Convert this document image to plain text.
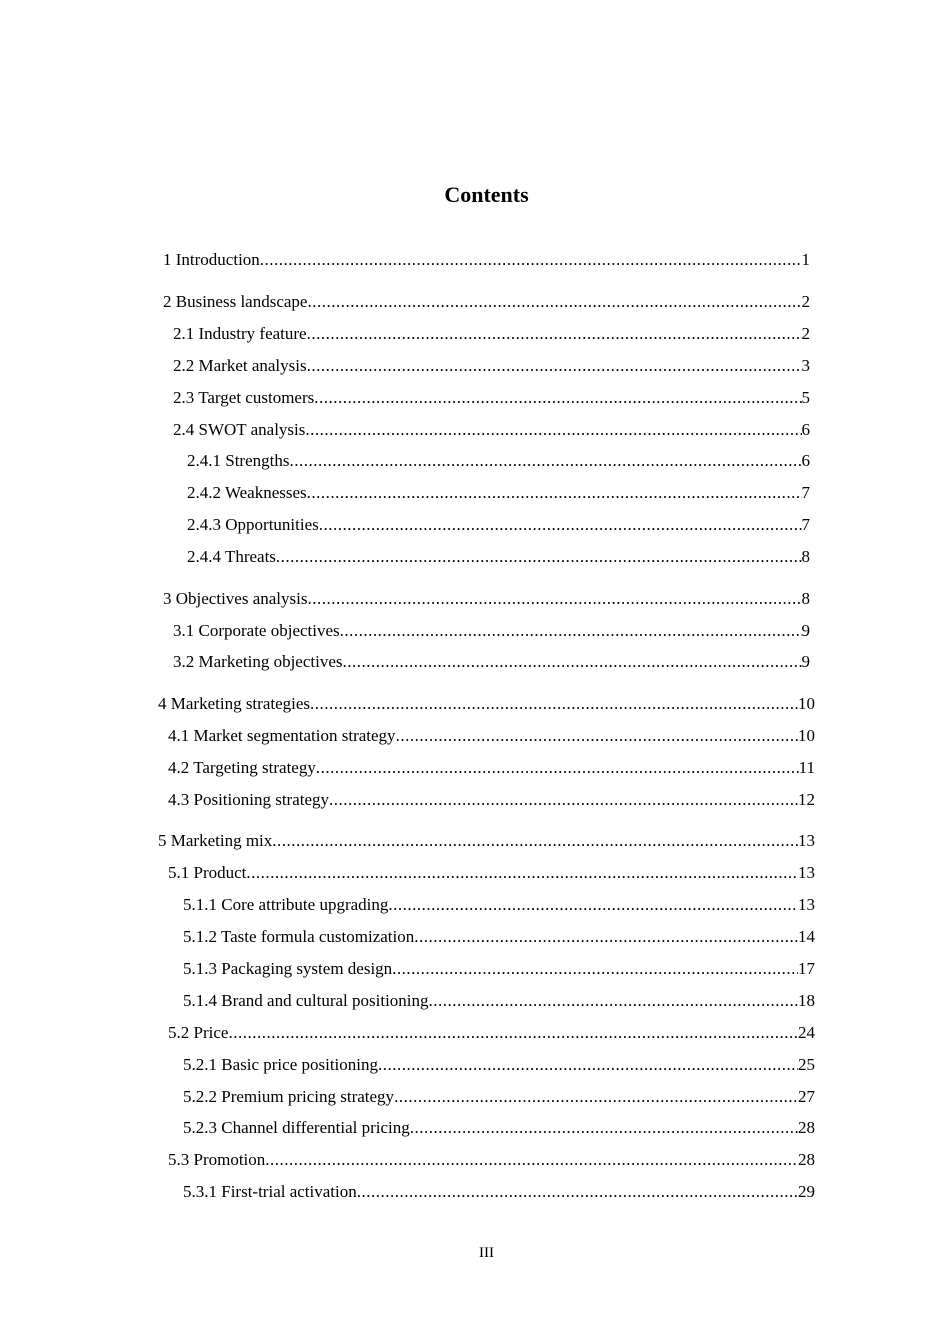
Contents
1 Introduction .....	1
2 Business landscape .....	2
2.1 Industry feature .....	2
2.2 Market analysis .....	3
2.3 Target customers .....	5
2.4 SWOT analysis .....	6
2.4.1 Strengths .....	6
2.4.2 Weaknesses .....	7
2.4.3 Opportunities .....	7
2.4.4 Threats .....	8
3 Objectives analysis .....	8
3.1 Corporate objectives .....	9
3.2 Marketing objectives .....	9
4 Marketing strategies .....	10
4.1 Market segmentation strategy .....	10
4.2 Targeting strategy .....	11
4.3 Positioning strategy .....	12
5 Marketing mix .....	13
5.1 Product .....	13
5.1.1 Core attribute upgrading .....	13
5.1.2 Taste formula customization .....	14
5.1.3 Packaging system design .....	17
5.1.4 Brand and cultural positioning .....	18
5.2 Price .....	24
5.2.1 Basic price positioning .....	25
5.2.2 Premium pricing strategy .....	27
5.2.3 Channel differential pricing .....	28
5.3 Promotion .....	28
5.3.1 First-trial activation .....	29
III
